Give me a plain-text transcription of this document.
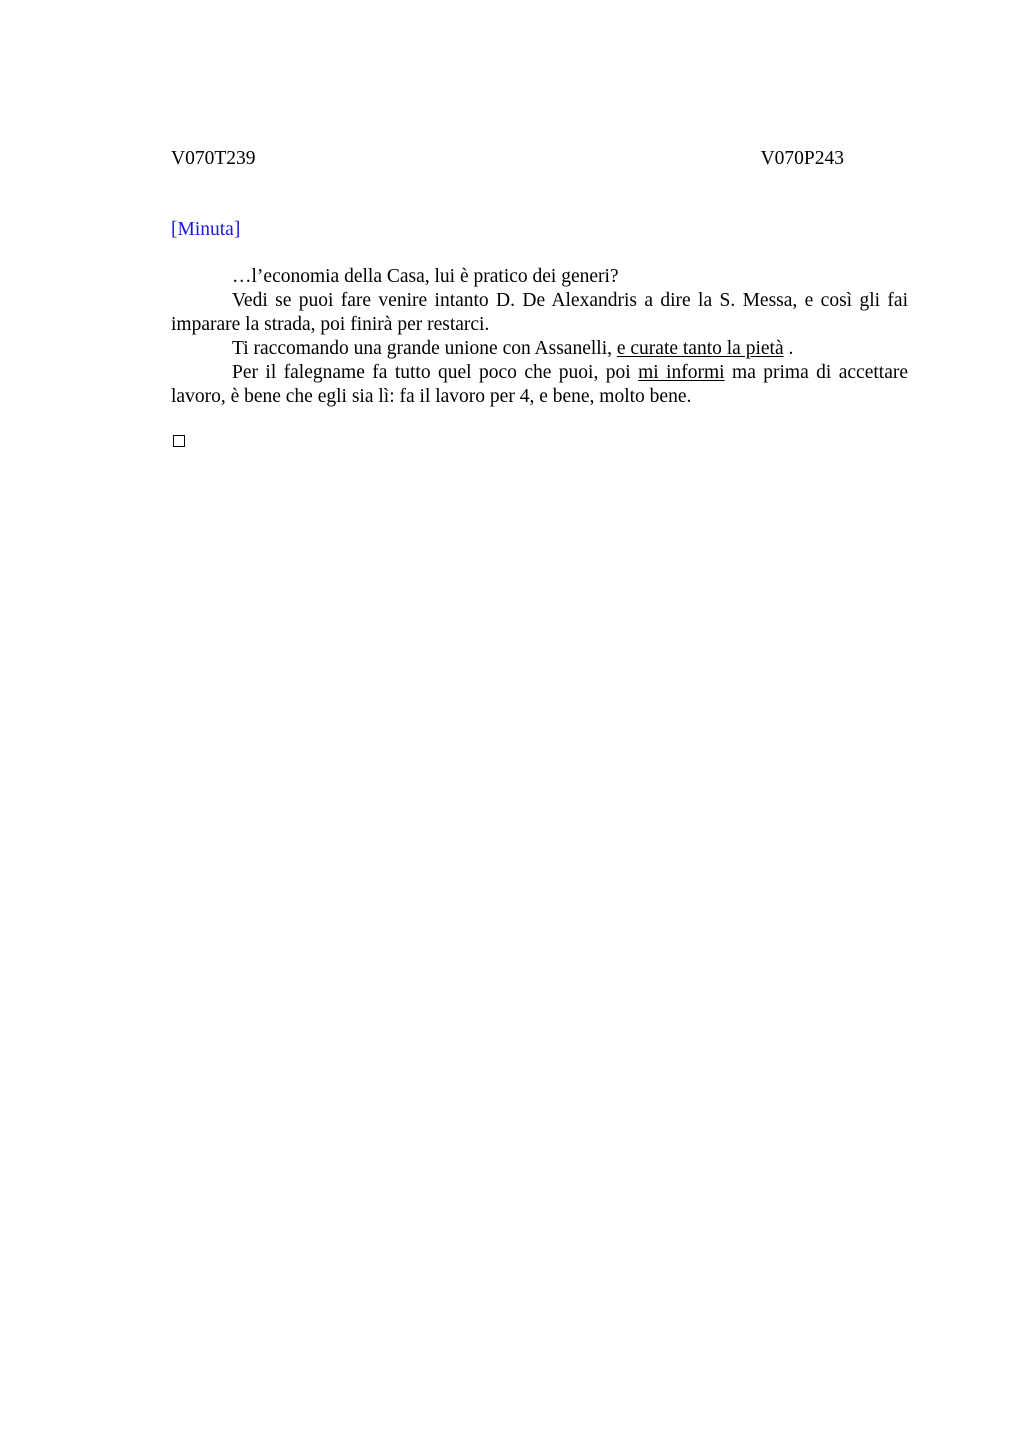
V070T239	V070P243
[Minuta]

…l’economia della Casa, lui è pratico dei generi?

Vedi se puoi fare venire intanto D. De Alexandris a dire la S. Messa, e così gli fai imparare la strada, poi finirà per restarci.

Ti raccomando una grande unione con Assanelli, e curate tanto la pietà .

Per il falegname fa tutto quel poco che puoi, poi mi informi ma prima di accettare lavoro, è bene che egli sia lì: fa il lavoro per 4, e bene, molto bene.
